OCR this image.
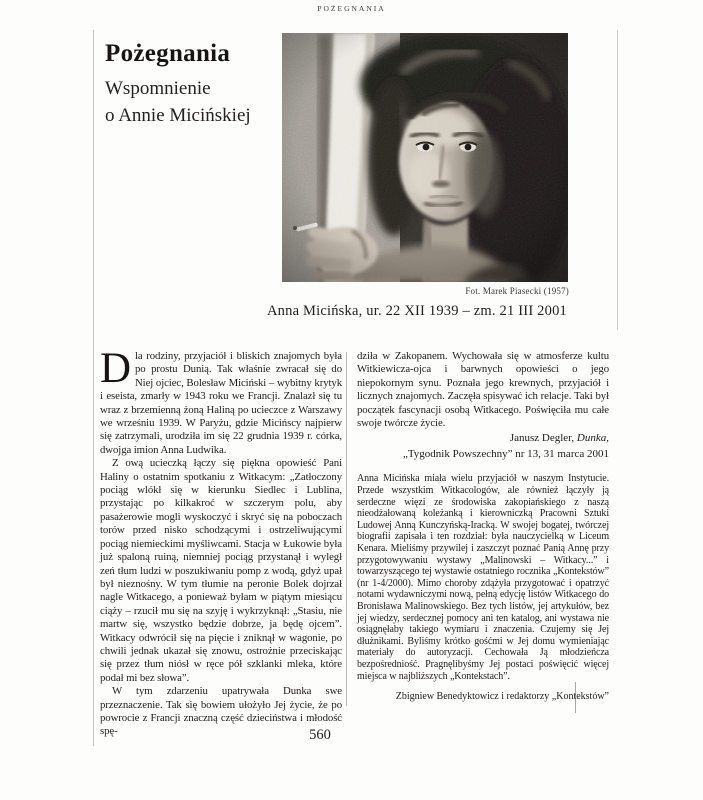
POŻEGNANIA

Pożegnania

Wspomnienie

o Annie Micińskiej

Fot. Marek Piasecki (1957)
Anna Micińska, ur. 22 XII 1939 – zm. 21 III 2001

Dla rodziny, przyjaciół i bliskich znajomych była po prostu Dunią. Tak właśnie zwracał się do Niej ojciec, Bolesław Miciński – wybitny krytyk i eseista, zmarły w 1943 roku we Francji. Znalazł się tu wraz z brzemienną żoną Haliną po ucieczce z Warszawy we wrześniu 1939. W Paryżu, gdzie Micińscy najpierw się zatrzymali, urodziła im się 22 grudnia 1939 r. córka, dwojga imion Anna Ludwika.

Z ową ucieczką łączy się piękna opowieść Pani Haliny o ostatnim spotkaniu z Witkacym: „Zatłoczony pociąg wlókł się w kierunku Siedlec i Lublina, przystając po kilkakroć w szczerym polu, aby pasażerowie mogli wyskoczyć i skryć się na poboczach torów przed nisko schodzącymi i ostrzeliwującymi pociąg niemieckimi myśliwcami. Stacja w Łukowie była już spaloną ruiną, niemniej pociąg przystanął i wyległ zeń tłum ludzi w poszukiwaniu pomp z wodą, gdyż upał był nieznośny. W tym tłumie na peronie Bolek dojrzał nagle Witkacego, a ponieważ byłam w piątym miesiącu ciąży – rzucił mu się na szyję i wykrzyknął: „Stasiu, nie martw się, wszystko będzie dobrze, ja będę ojcem”. Witkacy odwrócił się na pięcie i zniknął w wagonie, po chwili jednak ukazał się znowu, ostrożnie przeciskając się przez tłum niósł w ręce pół szklanki mleka, które podał mi bez słowa”.

W tym zdarzeniu upatrywała Dunka swe przeznaczenie. Tak się bowiem ułożyło Jej życie, że po powrocie z Francji znaczną część dzieciństwa i młodość spę-

dziła w Zakopanem. Wychowała się w atmosferze kultu Witkiewicza-ojca i barwnych opowieści o jego niepokornym synu. Poznała jego krewnych, przyjaciół i licznych znajomych. Zaczęła spisywać ich relacje. Taki był początek fascynacji osobą Witkacego. Poświęciła mu całe swoje twórcze życie.

Janusz Degler, Dunka,
„Tygodnik Powszechny” nr 13, 31 marca 2001

Anna Micińska miała wielu przyjaciół w naszym Instytucie. Przede wszystkim Witkacologów, ale również łączyły ją serdeczne więzi ze środowiska zakopiańskiego z naszą nieodżałowaną koleżanką i kierowniczką Pracowni Sztuki Ludowej Anną Kunczyńską-Iracką. W swojej bogatej, twórczej biografii zapisała i ten rozdział: była nauczycielką w Liceum Kenara. Mieliśmy przywilej i zaszczyt poznać Panią Annę przy przygotowywaniu wystawy „Malinowski – Witkacy...” i towarzyszącego tej wystawie ostatniego rocznika „Kontekstów” (nr 1-4/2000). Mimo choroby zdążyła przygotować i opatrzyć notami wydawniczymi nową, pełną edycję listów Witkacego do Bronisława Malinowskiego. Bez tych listów, jej artykułów, bez jej wiedzy, serdecznej pomocy ani ten katalog, ani wystawa nie osiągnęłaby takiego wymiaru i znaczenia. Czujemy się Jej dłużnikami. Byliśmy krótko gośćmi w Jej domu wymieniając materiały do autoryzacji. Cechowała Ją młodzieńcza bezpośredniość. Pragnęlibyśmy Jej postaci poświęcić więcej miejsca w najbliższych „Kontekstach”.

Zbigniew Benedyktowicz i redaktorzy „Kontekstów”
560
